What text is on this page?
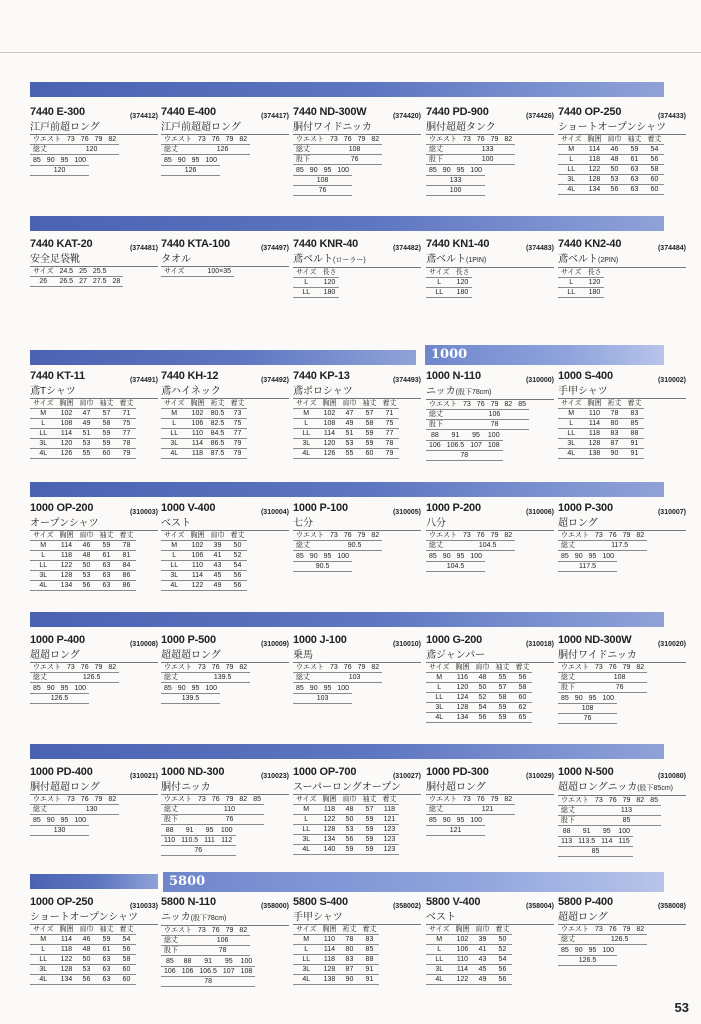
1000
5800
7440 E-300	(374412)
江戸前超ロング
ウエスト	73	76	79	82
総丈	120			
85	90	95	100
120
7440 E-400	(374417)
江戸前超超ロング
ウエスト	73	76	79	82
総丈	126			
85	90	95	100
126
7440 ND-300W	(374420)
胴付ワイドニッカ
ウエスト	73	76	79	82
総丈	108			
股下	76			
85	90	95	100
108
76
7440 PD-900	(374426)
胴付超超タンク
ウエスト	73	76	79	82
総丈	133			
股下	100			
85	90	95	100
133
100
7440 OP-250	(374433)
ショートオープンシャツ
サイズ	胸囲	肩巾	袖丈	着丈
M	114	46	59	54
L	118	48	61	56
LL	122	50	63	58
3L	128	53	63	60
4L	134	56	63	60
7440 KAT-20	(374481)
安全足袋靴
サイズ	24.5	25	25.5	
26	26.5	27	27.5	28
7440 KTA-100	(374497)
タオル
サイズ	100×35
7440 KNR-40	(374482)
鳶ベルト(ローラー)
サイズ	長さ
L	120
LL	180
7440 KN1-40	(374483)
鳶ベルト(1PIN)
サイズ	長さ
L	120
LL	180
7440 KN2-40	(374484)
鳶ベルト(2PIN)
サイズ	長さ
L	120
LL	180
7440 KT-11	(374491)
鳶Tシャツ
サイズ	胸囲	肩巾	袖丈	着丈
M	102	47	57	71
L	108	49	58	75
LL	114	51	59	77
3L	120	53	59	78
4L	126	55	60	79
7440 KH-12	(374492)
鳶ハイネック
サイズ	胸囲	裄丈	着丈
M	102	80.5	73
L	106	82.5	75
LL	110	84.5	77
3L	114	86.5	79
4L	118	87.5	79
7440 KP-13	(374493)
鳶ポロシャツ
サイズ	胸囲	肩巾	袖丈	着丈
M	102	47	57	71
L	108	49	58	75
LL	114	51	59	77
3L	120	53	59	78
4L	126	55	60	79
1000 N-110	(310000)
ニッカ(股下78cm)
ウエスト	73	76	79	82	85
総丈	106				
股下	78				
88	91	95	100
106	106.5	107	108
78			
1000 S-400	(310002)
手甲シャツ
サイズ	胸囲	裄丈	着丈
M	110	78	83
L	114	80	85
LL	118	83	88
3L	128	87	91
4L	138	90	91
1000 OP-200	(310003)
オープンシャツ
サイズ	胸囲	肩巾	袖丈	着丈
M	114	46	59	78
L	118	48	61	81
LL	122	50	63	84
3L	128	53	63	86
4L	134	56	63	86
1000 V-400	(310004)
ベスト
サイズ	胸囲	肩巾	着丈
M	102	39	50
L	106	41	52
LL	110	43	54
3L	114	45	56
4L	122	49	56
1000 P-100	(310005)
七分
ウエスト	73	76	79	82
総丈	90.5			
85	90	95	100
90.5
1000 P-200	(310006)
八分
ウエスト	73	76	79	82
総丈	104.5			
85	90	95	100
104.5
1000 P-300	(310007)
超ロング
ウエスト	73	76	79	82
総丈	117.5			
85	90	95	100
117.5
1000 P-400	(310008)
超超ロング
ウエスト	73	76	79	82
総丈	126.5			
85	90	95	100
126.5
1000 P-500	(310009)
超超超ロング
ウエスト	73	76	79	82
総丈	139.5			
85	90	95	100
139.5
1000 J-100	(310010)
乗馬
ウエスト	73	76	79	82
総丈	103			
85	90	95	100
103
1000 G-200	(310018)
鳶ジャンパー
サイズ	胸囲	肩巾	袖丈	着丈
M	116	48	55	56
L	120	50	57	58
LL	124	52	58	60
3L	128	54	59	62
4L	134	56	59	65
1000 ND-300W	(310020)
胴付ワイドニッカ
ウエスト	73	76	79	82
総丈	108			
股下	76			
85	90	95	100
108
76
1000 PD-400	(310021)
胴付超超ロング
ウエスト	73	76	79	82
総丈	130			
85	90	95	100
130
1000 ND-300	(310023)
胴付ニッカ
ウエスト	73	76	79	82	85
総丈	110				
股下	76				
88	91	95	100
110	110.5	111	112
76			
1000 OP-700	(310027)
スーパーロングオープン
サイズ	胸囲	肩巾	袖丈	着丈
M	118	48	57	118
L	122	50	59	121
LL	128	53	59	123
3L	134	56	59	123
4L	140	59	59	123
1000 PD-300	(310029)
胴付超ロング
ウエスト	73	76	79	82
総丈	121			
85	90	95	100
121
1000 N-500	(310080)
超超ロングニッカ(股下85cm)
ウエスト	73	76	79	82	85
総丈	113				
股下	85				
88	91	95	100
113	113.5	114	115
85			
1000 OP-250	(310033)
ショートオープンシャツ
サイズ	胸囲	肩巾	袖丈	着丈
M	114	46	59	54
L	118	48	61	56
LL	122	50	63	58
3L	128	53	63	60
4L	134	56	63	60
5800 N-110	(358000)
ニッカ(股下78cm)
ウエスト	73	76	79	82
総丈	106			
股下	78			
85	88	91	95	100
106	106	106.5	107	108
78				
5800 S-400	(358002)
手甲シャツ
サイズ	胸囲	裄丈	着丈
M	110	78	83
L	114	80	85
LL	118	83	88
3L	128	87	91
4L	138	90	91
5800 V-400	(358004)
ベスト
サイズ	胸囲	肩巾	着丈
M	102	39	50
L	106	41	52
LL	110	43	54
3L	114	45	56
4L	122	49	56
5800 P-400	(358008)
超超ロング
ウエスト	73	76	79	82
総丈	126.5			
85	90	95	100
126.5
53
